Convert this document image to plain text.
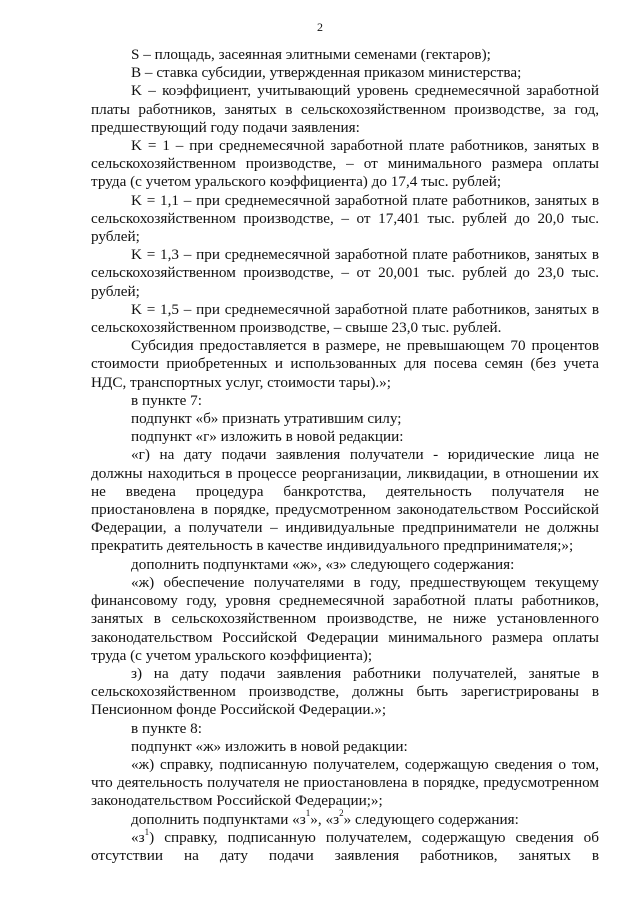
2

S – площадь, засеянная элитными семенами (гектаров);

B – ставка субсидии, утвержденная приказом министерства;

K – коэффициент, учитывающий уровень среднемесячной заработной платы работников, занятых в сельскохозяйственном производстве, за год, предшествующий году подачи заявления:

K = 1 – при среднемесячной заработной плате работников, занятых в сельскохозяйственном производстве, – от минимального размера оплаты труда (с учетом уральского коэффициента) до 17,4 тыс. рублей;

K = 1,1 – при среднемесячной заработной плате работников, занятых в сельскохозяйственном производстве, – от 17,401 тыс. рублей до 20,0 тыс. рублей;

K = 1,3 – при среднемесячной заработной плате работников, занятых в сельскохозяйственном производстве, – от 20,001 тыс. рублей до 23,0 тыс. рублей;

K = 1,5 – при среднемесячной заработной плате работников, занятых в сельскохозяйственном производстве, – свыше 23,0 тыс. рублей.

Субсидия предоставляется в размере, не превышающем 70 процентов стоимости приобретенных и использованных для посева семян (без учета НДС, транспортных услуг, стоимости тары).»;

в пункте 7:

подпункт «б» признать утратившим силу;

подпункт «г» изложить в новой редакции:

«г) на дату подачи заявления получатели - юридические лица не должны находиться в процессе реорганизации, ликвидации, в отношении их не введена процедура банкротства, деятельность получателя не приостановлена в порядке, предусмотренном законодательством Российской Федерации, а получатели – индивидуальные предприниматели не должны прекратить деятельность в качестве индивидуального предпринимателя;»;

дополнить подпунктами «ж», «з» следующего содержания:

«ж) обеспечение получателями в году, предшествующем текущему финансовому году, уровня среднемесячной заработной платы работников, занятых в сельскохозяйственном производстве, не ниже установленного законодательством Российской Федерации минимального размера оплаты труда (с учетом уральского коэффициента);

з) на дату подачи заявления работники получателей, занятые в сельскохозяйственном производстве, должны быть зарегистрированы в Пенсионном фонде Российской Федерации.»;

в пункте 8:

подпункт «ж» изложить в новой редакции:

«ж) справку, подписанную получателем, содержащую сведения о том, что деятельность получателя не приостановлена в порядке, предусмотренном законодательством Российской Федерации;»;

дополнить подпунктами «$з^1$», «$з^2$» следующего содержания:

«$з^1$) справку, подписанную получателем, содержащую сведения об отсутствии на дату подачи заявления работников, занятых в
